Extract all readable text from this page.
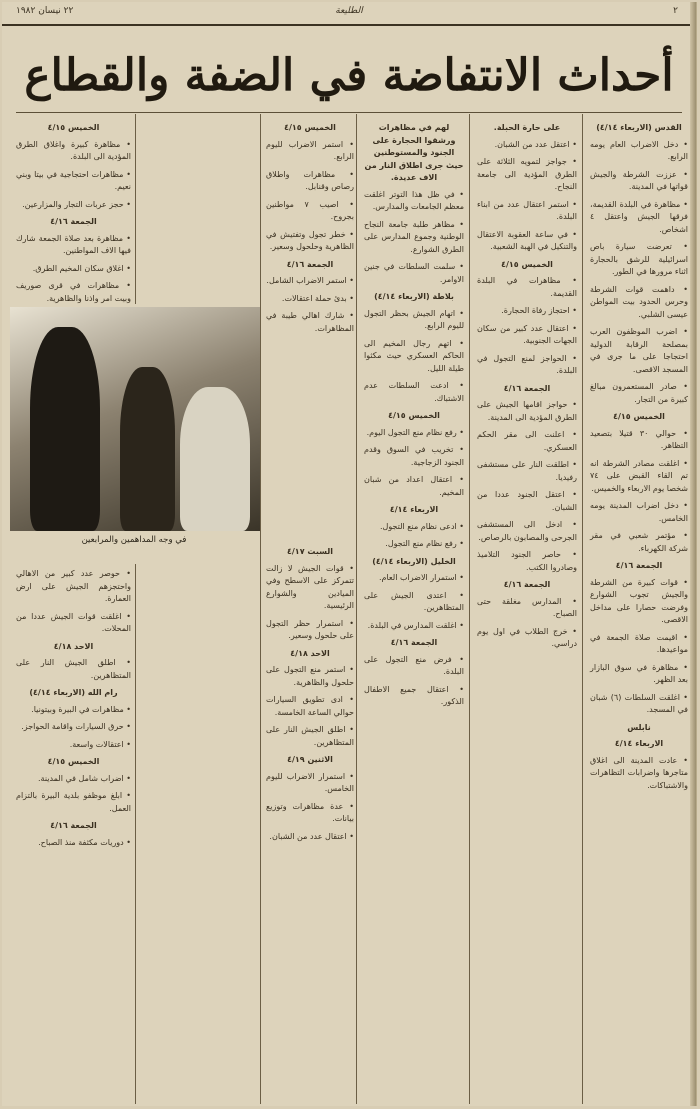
٢
الطليعة
٢٢ نيسان ١٩٨٢
أحداث الانتفاضة في الضفة والقطاع

القدس (الاربعاء ٤/١٤)

• دخل الاضراب العام يومه الرابع.

• عززت الشرطة والجيش قواتها في المدينة.

• مظاهرة في البلدة القديمة، فرقها الجيش واعتقل ٤ اشخاص.

• تعرضت سيارة باص اسرائيلية للرشق بالحجارة اثناء مرورها في الطور.

• داهمت قوات الشرطة وحرس الحدود بيت المواطن عيسى الشلبي.

• اضرب الموظفون العرب بمصلحة الرقابة الدولية احتجاجا على ما جرى في المسجد الاقصى.

• صادر المستعمرون مبالغ كبيرة من التجار.

الخميس ٤/١٥

• حوالي ٣٠ قتيلا بتصعيد التظاهر.

• اغلقت مصادر الشرطة انه تم القاء القبض على ٧٤ شخصا يوم الاربعاء والخميس.

• دخل اضراب المدينة يومه الخامس.

• مؤتمر شعبي في مقر شركة الكهرباء.

الجمعة ٤/١٦

• قوات كبيرة من الشرطة والجيش تجوب الشوارع وفرضت حصارا على مداخل الاقصى.

• اقيمت صلاة الجمعة في مواعيدها.

• مظاهرة في سوق البازار بعد الظهر.

• اغلقت السلطات (٦) شبان في المسجد.

نابلس

الاربعاء ٤/١٤

• عادت المدينة الى اغلاق متاجرها واضرابات التظاهرات والاشتباكات.

على حارة الحبلة.

• اعتقل عدد من الشبان.

• جواجز لتمويه الثلاثة على الطرق المؤدية الى جامعة النجاح.

• استمر اعتقال عدد من ابناء البلدة.

• في ساعة العقوبة الاعتقال والتنكيل في الهبة الشعبية.

الخميس ٤/١٥

• مظاهرات في البلدة القديمة.

• احتجاز رفاة الحجارة.

• اعتقال عدد كبير من سكان الجهات الجنوبية.

• الحواجز لمنع التجول في البلدة.

الجمعة ٤/١٦

• حواجز اقامها الجيش على الطرق المؤدية الى المدينة.

• اعلنت الى مقر الحكم العسكري.

• اطلقت النار على مستشفى رفيديا.

• اعتقل الجنود عددا من الشبان.

• ادخل الى المستشفى الجرحى والمصابون بالرصاص.

• حاصر الجنود التلاميذ وصادروا الكتب.

الجمعة ٤/١٦

• المدارس مغلقة حتى الصباح.

• خرج الطلاب في اول يوم دراسي.

لهم في مظاهرات ورشقوا الحجارة على الجنود والمستوطنين حيث جرى اطلاق النار من الاف عديدة.

• في ظل هذا التوتر اغلقت معظم الجامعات والمدارس.

• مظاهر طلبة جامعة النجاح الوطنية وجموع المدارس على الطرق الشوارع.

• سلمت السلطات في جنين الاوامر.

بلاطة (الاربعاء ٤/١٤)

• اتهام الجيش بحظر التجول لليوم الرابع.

• اتهم رجال المخيم الى الحاكم العسكري حيث مكثوا طيلة الليل.

• ادعت السلطات عدم الاشتباك.

الخميس ٤/١٥

• رفع نظام منع التجول اليوم.

• تخريب في السوق وقدم الجنود الزجاجية.

• اعتقال اعداد من شبان المخيم.

الاربعاء ٤/١٤

• ادعى نظام منع التجول.

• رفع نظام منع التجول.

الخليل (الاربعاء ٤/١٤)

• استمرار الاضراب العام.

• اعتدى الجيش على المتظاهرين.

• اغلقت المدارس في البلدة.

الجمعة ٤/١٦

• فرض منع التجول على البلدة.

• اعتقال جميع الاطفال الذكور.

الخميس ٤/١٥

• استمر الاضراب لليوم الرابع.

• مظاهرات واطلاق رصاص وقنابل.

• اصيب ٧ مواطنين بجروح.

• خطر تجول وتفتيش في الظاهرية وحلحول وسعير.

الجمعة ٤/١٦

• استمر الاضراب الشامل.

• بدئ حملة اعتقالات.

• شارك اهالي طيبة في المظاهرات.

الخميس ٤/١٥

• مظاهرة كبيرة واغلاق الطرق المؤدية الى البلدة.

• مظاهرات احتجاجية في بيتا وبني نعيم.

• حجز عربات التجار والمزارعين.

الجمعة ٤/١٦

• مظاهرة بعد صلاة الجمعة شارك فيها الاف المواطنين.

• اغلاق سكان المخيم الطرق.

• مظاهرات في قرى صوريف وبيت امر واذنا والظاهرية.

في وجه المداهمين والمرابعين

السبت ٤/١٧

• قوات الجيش لا زالت تتمركز على الاسطح وفي الميادين والشوارع الرئيسية.

• استمرار حظر التجول على حلحول وسعير.

الاحد ٤/١٨

• استمر منع التجول على حلحول والظاهرية.

• ادى تطويق السيارات حوالي الساعة الخامسة.

• اطلق الجيش النار على المتظاهرين.

الاثنين ٤/١٩

• استمرار الاضراب لليوم الخامس.

• عدة مظاهرات وتوزيع بيانات.

• اعتقال عدد من الشبان.

• حوصر عدد كبير من الاهالي واحتجزهم الجيش على ارض العمارة.

• اغلقت قوات الجيش عددا من المحلات.

الاحد ٤/١٨

• اطلق الجيش النار على المتظاهرين.

رام الله (الاربعاء ٤/١٤)

• مظاهرات في البيرة وبيتونيا.

• حرق السيارات واقامة الحواجز.

• اعتقالات واسعة.

الخميس ٤/١٥

• اضراب شامل في المدينة.

• ابلغ موظفو بلدية البيرة بالتزام العمل.

الجمعة ٤/١٦

• دوريات مكثفة منذ الصباح.
